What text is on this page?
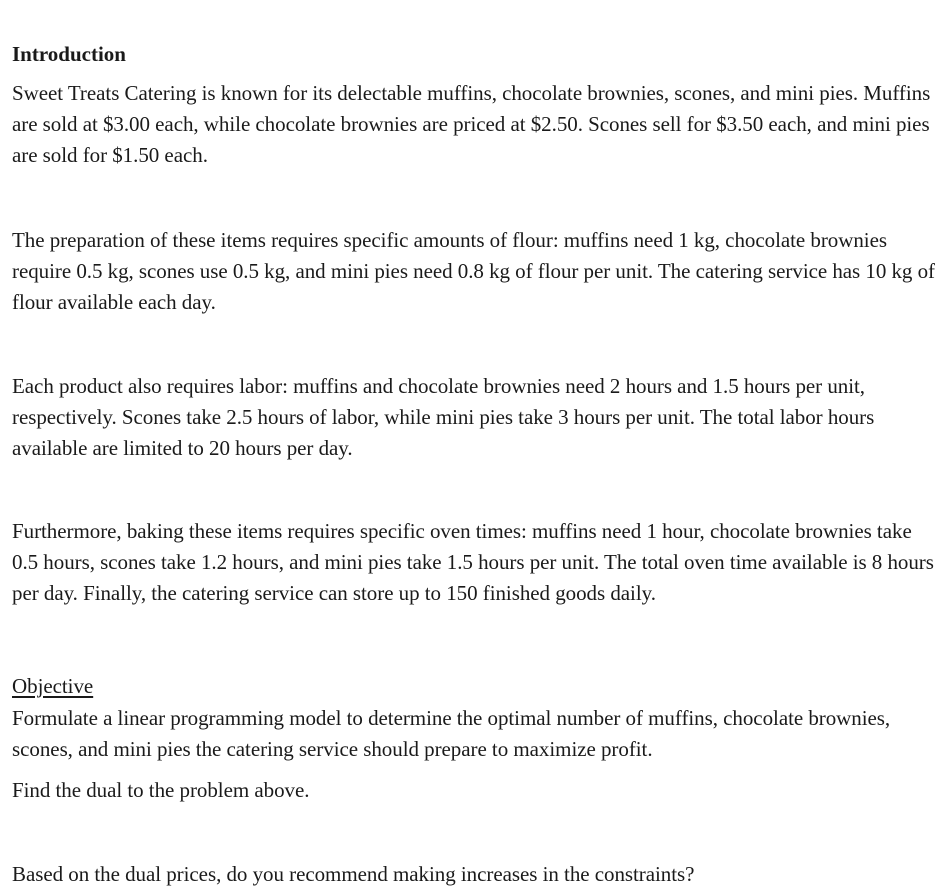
Introduction
Sweet Treats Catering is known for its delectable muffins, chocolate brownies, scones, and mini pies. Muffins are sold at $3.00 each, while chocolate brownies are priced at $2.50. Scones sell for $3.50 each, and mini pies are sold for $1.50 each.
The preparation of these items requires specific amounts of flour: muffins need 1 kg, chocolate brownies require 0.5 kg, scones use 0.5 kg, and mini pies need 0.8 kg of flour per unit. The catering service has 10 kg of flour available each day.
Each product also requires labor: muffins and chocolate brownies need 2 hours and 1.5 hours per unit, respectively. Scones take 2.5 hours of labor, while mini pies take 3 hours per unit. The total labor hours available are limited to 20 hours per day.
Furthermore, baking these items requires specific oven times: muffins need 1 hour, chocolate brownies take 0.5 hours, scones take 1.2 hours, and mini pies take 1.5 hours per unit. The total oven time available is 8 hours per day. Finally, the catering service can store up to 150 finished goods daily.
Objective
Formulate a linear programming model to determine the optimal number of muffins, chocolate brownies, scones, and mini pies the catering service should prepare to maximize profit.
Find the dual to the problem above.
Based on the dual prices, do you recommend making increases in the constraints?
